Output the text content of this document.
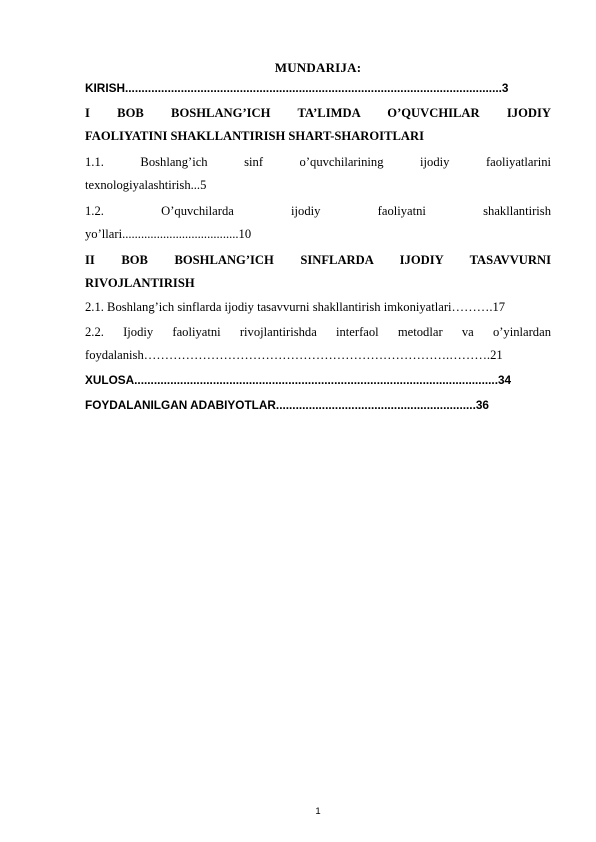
MUNDARIJA:
KIRISH...................................................................................................................3
I BOB BOSHLANG’ICH TA’LIMDA O’QUVCHILAR IJODIY
FAOLIYATINI SHAKLLANTIRISH SHART-SHAROITLARI
1.1. Boshlang’ich sinf o’quvchilarining ijodiy faoliyatlarini
texnologiyalashtirish...5
1.2. O’quvchilarda ijodiy faoliyatni shakllantirish
yo’llari.....................................10
II BOB BOSHLANG’ICH SINFLARDA IJODIY TASAVVURNI
RIVOJLANTIRISH
2.1. Boshlang’ich sinflarda ijodiy tasavvurni shakllantirish imkoniyatlari……….17
2.2. Ijodiy faoliyatni rivojlantirishda interfaol metodlar va o’yinlardan
foydalanish……………………………………………………………….……….21
XULOSA...............................................................................................................34
FOYDALANILGAN ADABIYOTLAR.............................................................36
1
